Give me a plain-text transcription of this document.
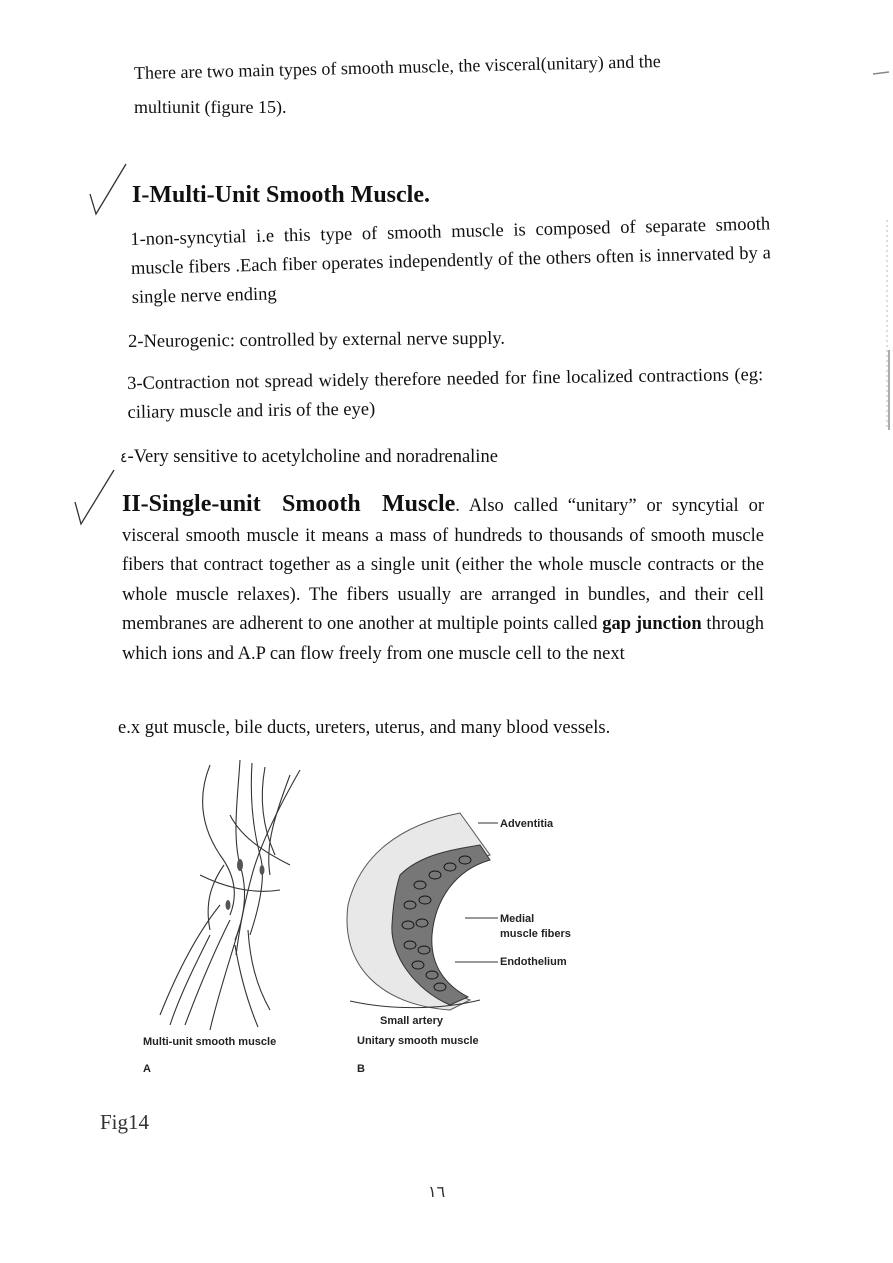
There are two main types of smooth muscle, the visceral(unitary) and the
multiunit (figure 15).
I-Multi-Unit Smooth Muscle.

1-non-syncytial i.e this type of smooth muscle is composed of separate smooth muscle fibers .Each fiber operates independently of the others often is innervated by a single nerve ending

2-Neurogenic: controlled by external nerve supply.

3-Contraction not spread widely therefore needed for fine localized contractions (eg: ciliary muscle and iris of the eye)

٤-Very sensitive to acetylcholine and noradrenaline

II-Single-unit Smooth Muscle. Also called “unitary” or syncytial or visceral smooth muscle it means a mass of hundreds to thousands of smooth muscle fibers that contract together as a single unit (either the whole muscle contracts or the whole muscle relaxes). The fibers usually are arranged in bundles, and their cell membranes are adherent to one another at multiple points called gap junction through which ions and A.P can flow freely from one muscle cell to the next

e.x gut muscle, bile ducts, ureters, uterus, and many blood vessels.

Adventitia
Medial
muscle fibers
Endothelium
Small artery
Multi-unit smooth muscle	Unitary smooth muscle
A	B
Fig14
١٦
